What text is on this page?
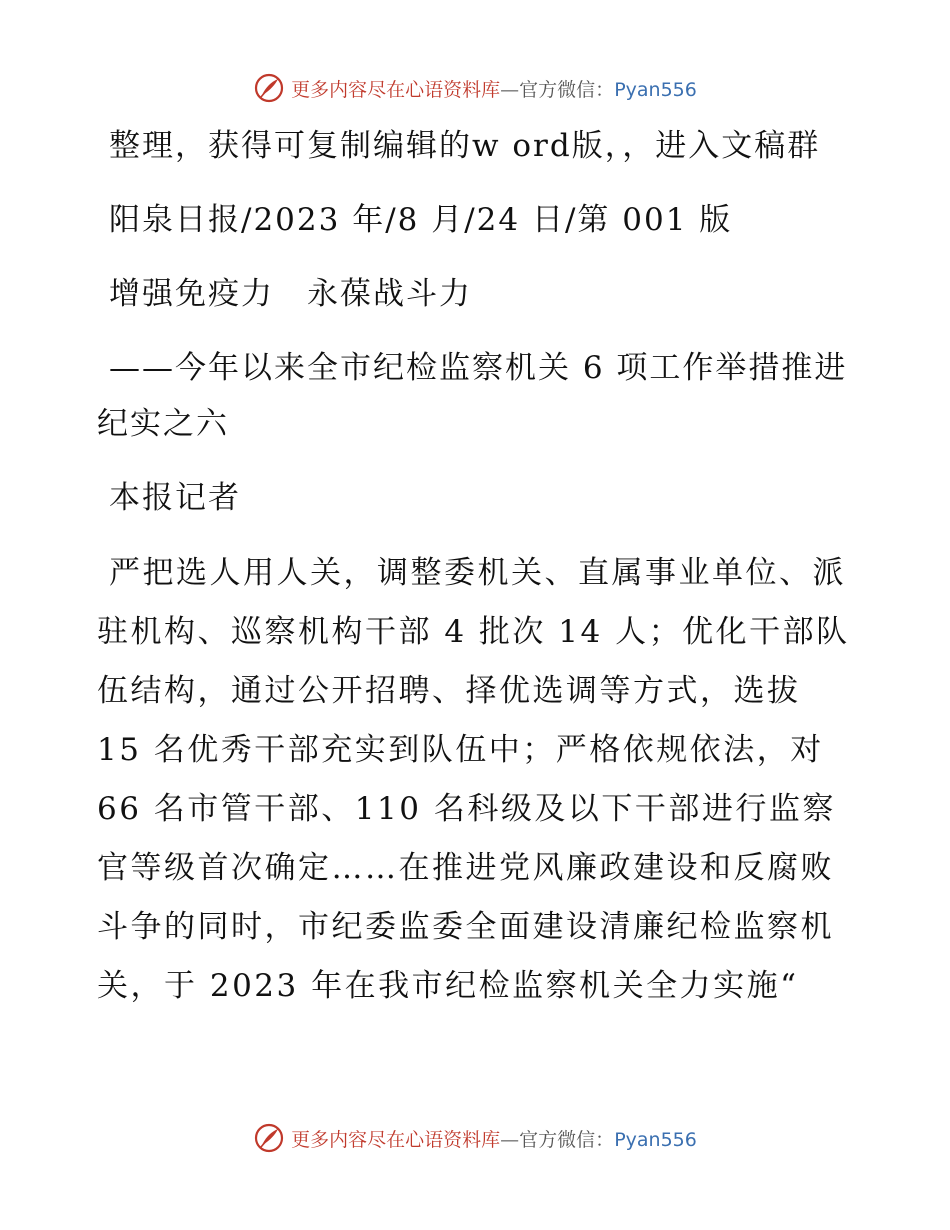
更多内容尽在心语资料库—官方微信：Pyan556

整理，获得可复制编辑的w ord版，，进入文稿群

阳泉日报/2023 年/8 月/24 日/第 001 版

增强免疫力　永葆战斗力

——今年以来全市纪检监察机关 6 项工作举措推进纪实之六

本报记者

严把选人用人关，调整委机关、直属事业单位、派驻机构、巡察机构干部 4 批次 14 人；优化干部队伍结构，通过公开招聘、择优选调等方式，选拔 15 名优秀干部充实到队伍中；严格依规依法，对 66 名市管干部、110 名科级及以下干部进行监察官等级首次确定……在推进党风廉政建设和反腐败斗争的同时，市纪委监委全面建设清廉纪检监察机关，于 2023 年在我市纪检监察机关全力实施“

更多内容尽在心语资料库—官方微信：Pyan556
